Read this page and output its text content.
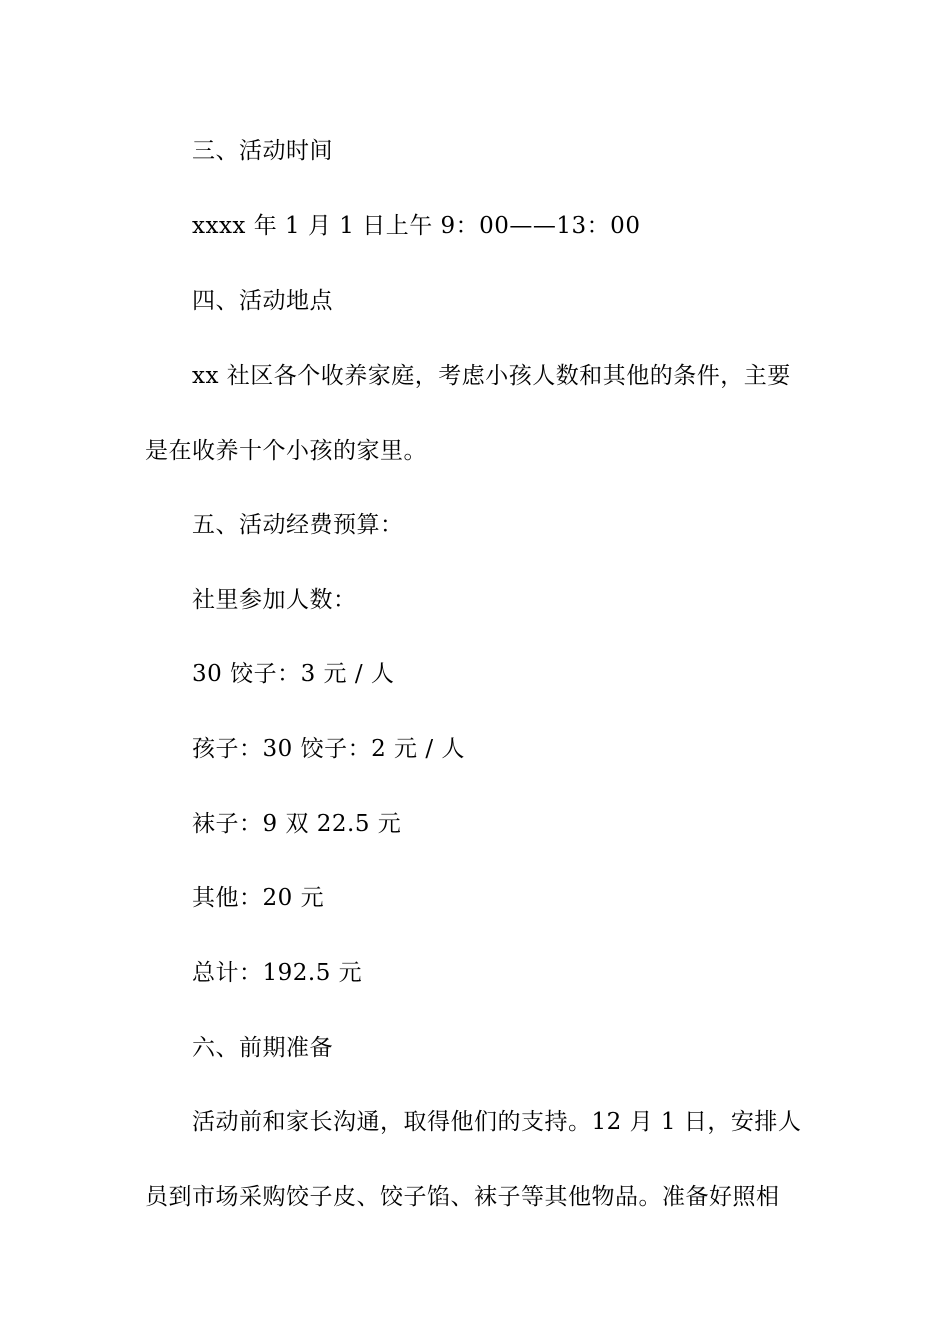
三、活动时间
xxxx 年 1 月 1 日上午 9：00——13：00
四、活动地点
xx 社区各个收养家庭，考虑小孩人数和其他的条件，主要
是在收养十个小孩的家里。
五、活动经费预算：
社里参加人数：
30 饺子：3 元 / 人
孩子：30 饺子：2 元 / 人
袜子：9 双 22.5 元
其他：20 元
总计：192.5 元
六、前期准备
活动前和家长沟通，取得他们的支持。12 月 1 日，安排人
员到市场采购饺子皮、饺子馅、袜子等其他物品。准备好照相
